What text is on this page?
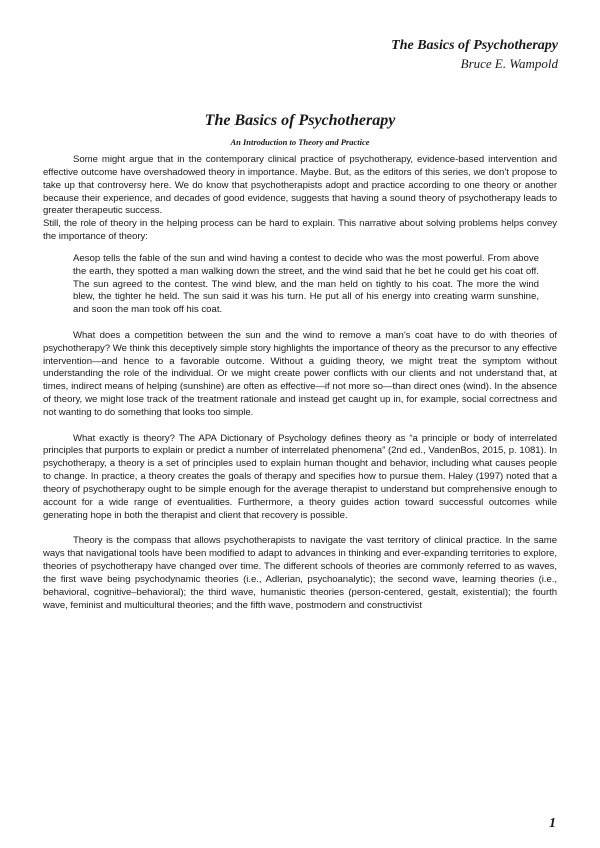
The Basics of Psychotherapy
Bruce E. Wampold
The Basics of Psychotherapy
An Introduction to Theory and Practice

Some might argue that in the contemporary clinical practice of psychotherapy, evidence-based intervention and effective outcome have overshadowed theory in importance. Maybe. But, as the editors of this series, we don’t propose to take up that controversy here. We do know that psychotherapists adopt and practice according to one theory or another because their experience, and decades of good evidence, suggests that having a sound theory of psychotherapy leads to greater therapeutic success.

Still, the role of theory in the helping process can be hard to explain. This narrative about solving problems helps convey the importance of theory:

Aesop tells the fable of the sun and wind having a contest to decide who was the most powerful. From above the earth, they spotted a man walking down the street, and the wind said that he bet he could get his coat off. The sun agreed to the contest. The wind blew, and the man held on tightly to his coat. The more the wind blew, the tighter he held. The sun said it was his turn. He put all of his energy into creating warm sunshine, and soon the man took off his coat.

What does a competition between the sun and the wind to remove a man’s coat have to do with theories of psychotherapy? We think this deceptively simple story highlights the importance of theory as the precursor to any effective intervention—and hence to a favorable outcome. Without a guiding theory, we might treat the symptom without understanding the role of the individual. Or we might create power conflicts with our clients and not understand that, at times, indirect means of helping (sunshine) are often as effective—if not more so—than direct ones (wind). In the absence of theory, we might lose track of the treatment rationale and instead get caught up in, for example, social correctness and not wanting to do something that looks too simple.

What exactly is theory? The APA Dictionary of Psychology defines theory as “a principle or body of interrelated principles that purports to explain or predict a number of interrelated phenomena” (2nd ed., VandenBos, 2015, p. 1081). In psychotherapy, a theory is a set of principles used to explain human thought and behavior, including what causes people to change. In practice, a theory creates the goals of therapy and specifies how to pursue them. Haley (1997) noted that a theory of psychotherapy ought to be simple enough for the average therapist to understand but comprehensive enough to account for a wide range of eventualities. Furthermore, a theory guides action toward successful outcomes while generating hope in both the therapist and client that recovery is possible.

Theory is the compass that allows psychotherapists to navigate the vast territory of clinical practice. In the same ways that navigational tools have been modified to adapt to advances in thinking and ever-expanding territories to explore, theories of psychotherapy have changed over time. The different schools of theories are commonly referred to as waves, the first wave being psychodynamic theories (i.e., Adlerian, psychoanalytic); the second wave, learning theories (i.e., behavioral, cognitive–behavioral); the third wave, humanistic theories (person-centered, gestalt, existential); the fourth wave, feminist and multicultural theories; and the fifth wave, postmodern and constructivist

1
